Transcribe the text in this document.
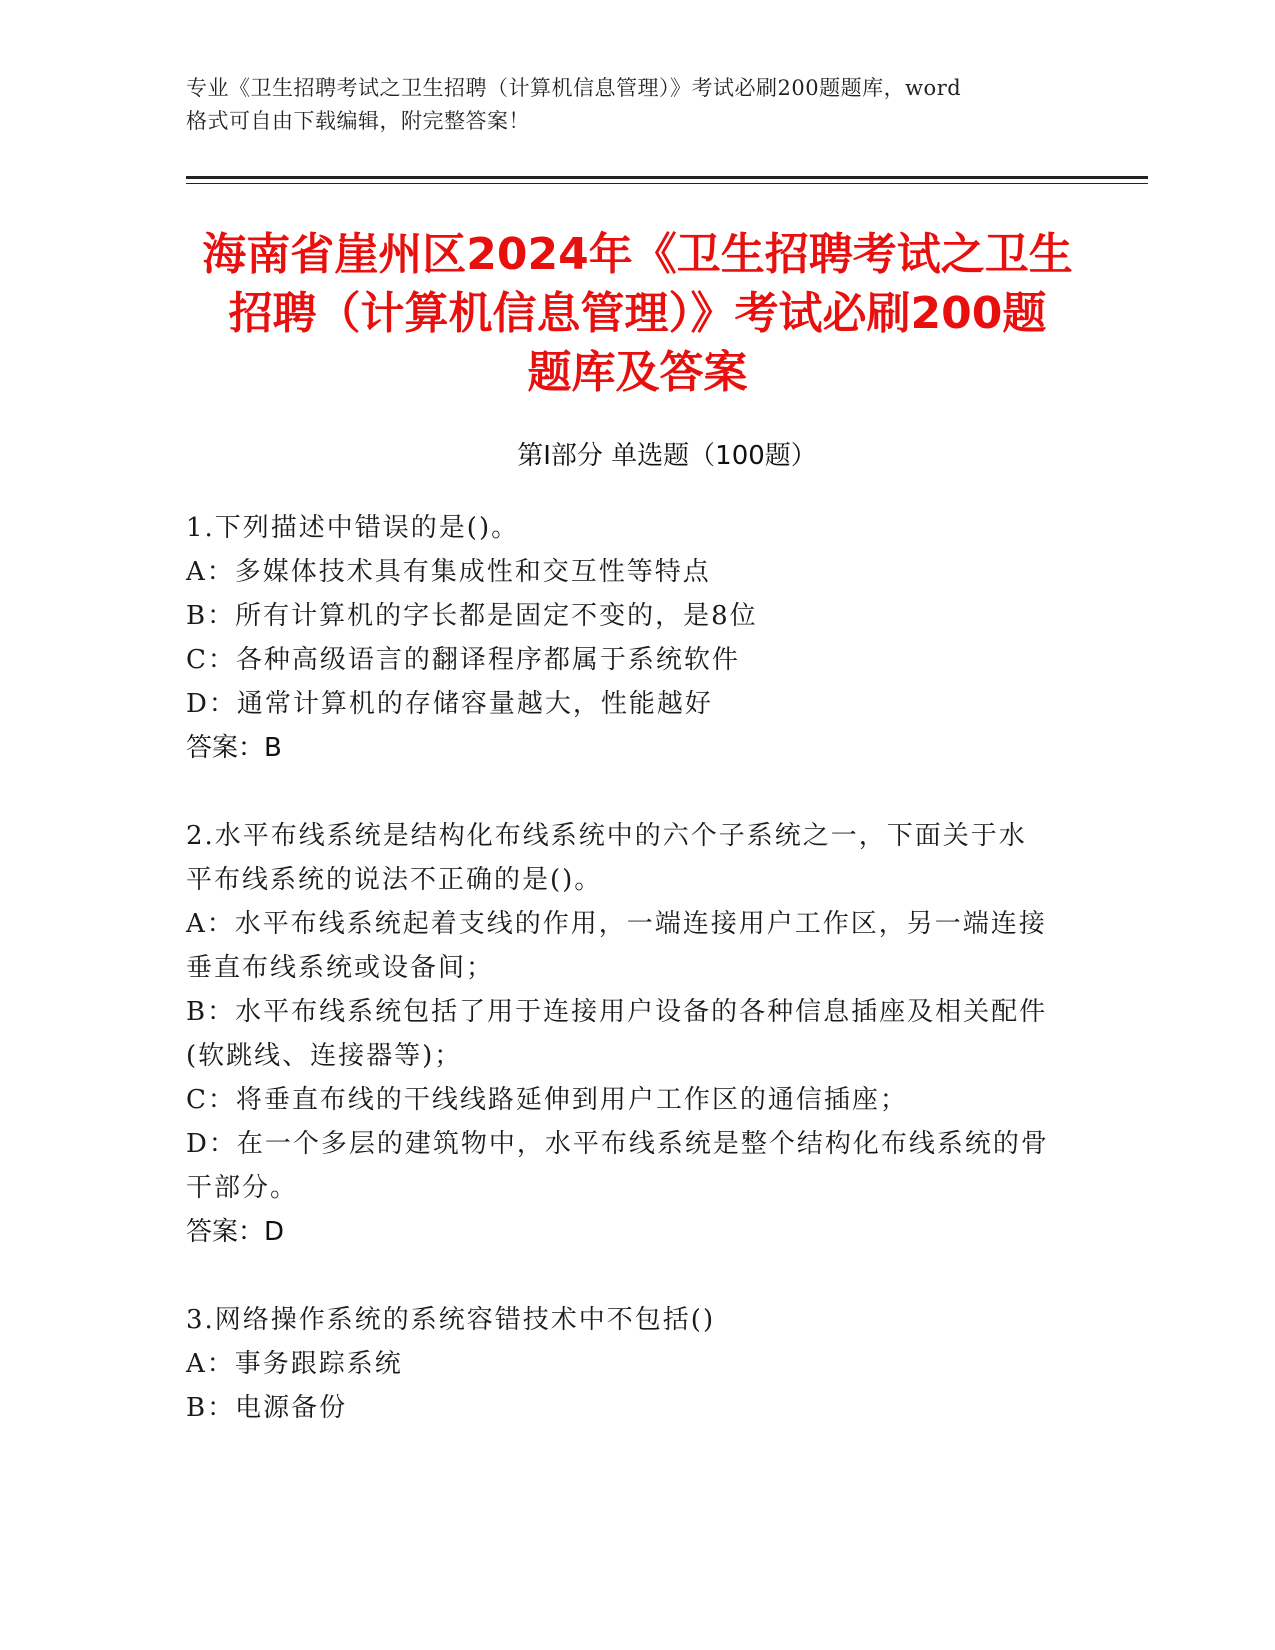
专业《卫生招聘考试之卫生招聘（计算机信息管理）》考试必刷200题题库，word
格式可自由下载编辑，附完整答案！
海南省崖州区2024年《卫生招聘考试之卫生
招聘（计算机信息管理）》考试必刷200题
题库及答案
第Ⅰ部分 单选题（100题）
1.下列描述中错误的是()。
A：多媒体技术具有集成性和交互性等特点
B：所有计算机的字长都是固定不变的，是8位
C：各种高级语言的翻译程序都属于系统软件
D：通常计算机的存储容量越大，性能越好
答案：B
2.水平布线系统是结构化布线系统中的六个子系统之一，下面关于水
平布线系统的说法不正确的是()。
A：水平布线系统起着支线的作用，一端连接用户工作区，另一端连接
垂直布线系统或设备间；
B：水平布线系统包括了用于连接用户设备的各种信息插座及相关配件
(软跳线、连接器等)；
C：将垂直布线的干线线路延伸到用户工作区的通信插座；
D：在一个多层的建筑物中，水平布线系统是整个结构化布线系统的骨
干部分。
答案：D
3.网络操作系统的系统容错技术中不包括()
A：事务跟踪系统
B：电源备份
